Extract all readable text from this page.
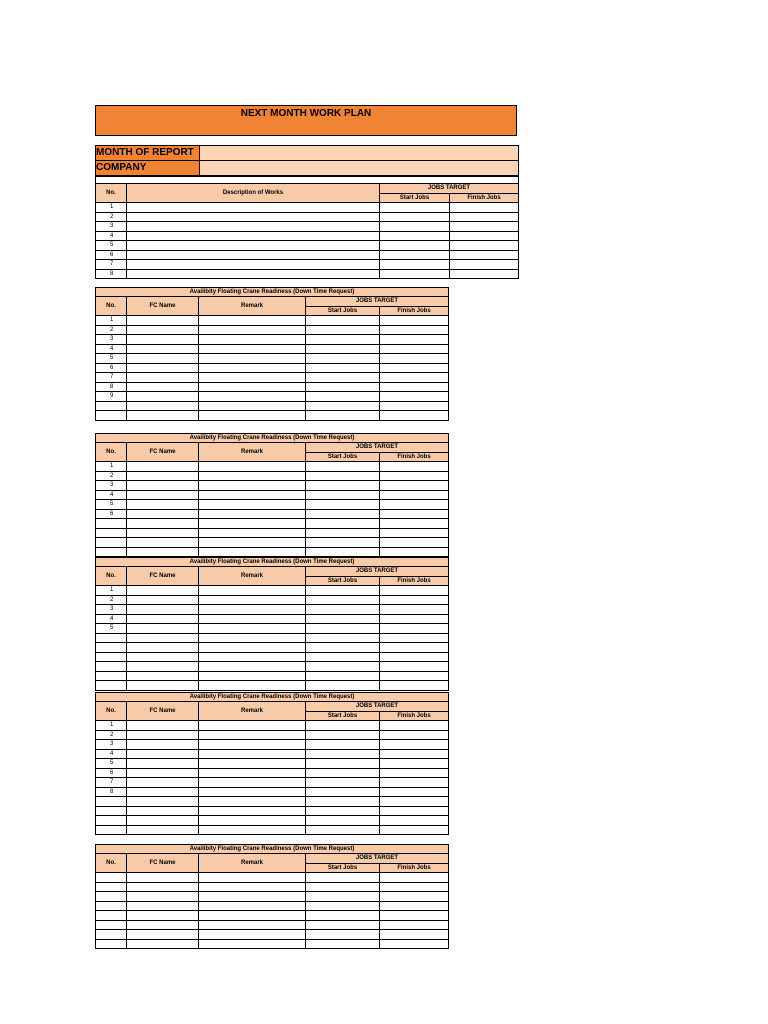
NEXT MONTH WORK PLAN
MONTH OF REPORT	
COMPANY	

No.	Description of Works	JOBS TARGET	
		Start Jobs	Finish Jobs
1			
2			
3			
4			
5			
6			
7			
8			
Availibity Floating Crane Readiness (Down Time Request)				
No.	FC Name	Remark	JOBS TARGET	
			Start Jobs	Finish Jobs
1				
2				
3				
4				
5				
6				
7				
8				
9				

Availibity Floating Crane Readiness (Down Time Request)				
No.	FC Name	Remark	JOBS TARGET	
			Start Jobs	Finish Jobs
1				
2				
3				
4				
5				
6				

Availibity Floating Crane Readiness (Down Time Request)				
No.	FC Name	Remark	JOBS TARGET	
			Start Jobs	Finish Jobs
1				
2				
3				
4				
5				

Availibity Floating Crane Readiness (Down Time Request)				
No.	FC Name	Remark	JOBS TARGET	
			Start Jobs	Finish Jobs
1				
2				
3				
4				
5				
6				
7				
8				

Availibity Floating Crane Readiness (Down Time Request)				
No.	FC Name	Remark	JOBS TARGET	
			Start Jobs	Finish Jobs
